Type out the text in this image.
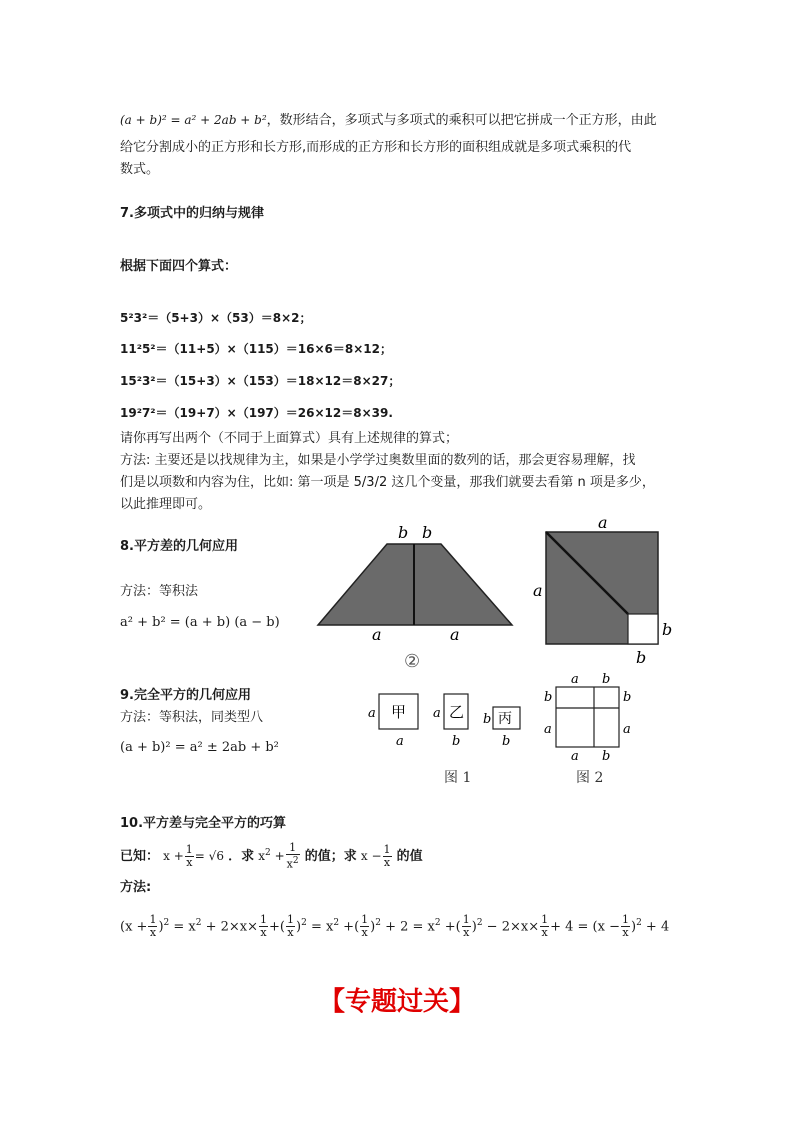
(a + b)² = a² + 2ab + b²，数形结合，多项式与多项式的乘积可以把它拼成一个正方形，由此
给它分割成小的正方形和长方形,而形成的正方形和长方形的面积组成就是多项式乘积的代
数式。
7.多项式中的归纳与规律
根据下面四个算式：
5²3²＝（5+3）×（53）＝8×2；
11²5²＝（11+5）×（115）＝16×6＝8×12；
15²3²＝（15+3）×（153）＝18×12＝8×27；
19²7²＝（19+7）×（197）＝26×12＝8×39.
请你再写出两个（不同于上面算式）具有上述规律的算式；
方法: 主要还是以找规律为主，如果是小学学过奥数里面的数列的话，那会更容易理解，找
们是以项数和内容为住，比如: 第一项是 5/3/2 这几个变量，那我们就要去看第 n 项是多少，
以此推理即可。
8.平方差的几何应用
方法：等积法
a² + b² = (a + b) (a − b)
b b
a	a
②
a
a
b
b
9.完全平方的几何应用
方法：等积法，同类型八
(a + b)² = a² ± 2ab + b²
甲
a
a
乙
a
b
丙
b
b
图 1
a b
b
a
b
a
a b
图 2
10.平方差与完全平方的巧算
已知： $x + \frac{1}{x} = √6$ ．求 $x^2 + \frac{1}{x^2}$ 的值；求 $x - \frac{1}{x}$ 的值
方法:
$(x + \frac{1}{x} )^2 = x^2 + 2\times x\times \frac{1}{x}$ +( $\frac{1}{x} )^2 = x^2$ +( $\frac{1}{x} )^2 + 2 = x^2$ +( $\frac{1}{x} )^2 - 2\times x\times \frac{1}{x} + 4 = (x - \frac{1}{x} )^2 + 4$
【专题过关】
